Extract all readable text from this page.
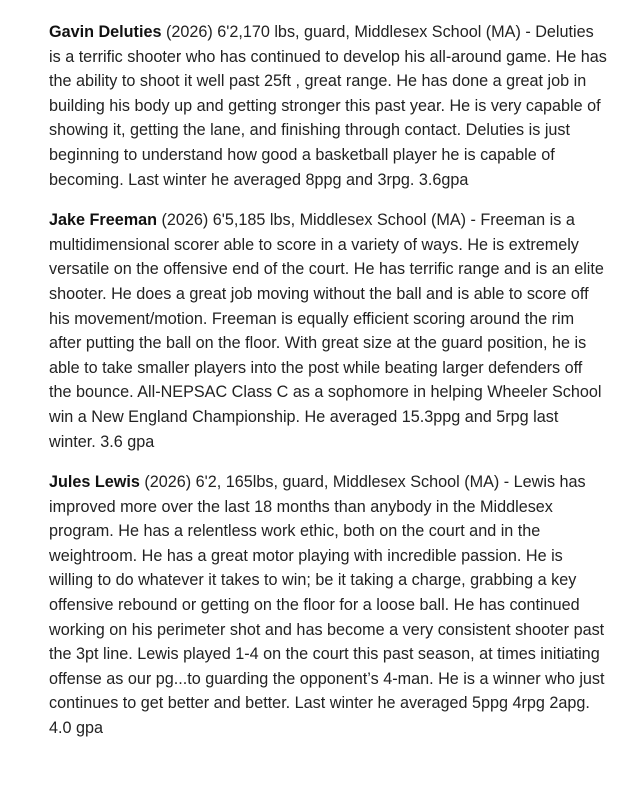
Gavin Deluties (2026) 6'2,170 lbs, guard, Middlesex School (MA) - Deluties is a terrific shooter who has continued to develop his all-around game. He has the ability to shoot it well past 25ft , great range. He has done a great job in building his body up and getting stronger this past year. He is very capable of showing it, getting the lane, and finishing through contact. Deluties is just beginning to understand how good a basketball player he is capable of becoming. Last winter he averaged 8ppg and 3rpg. 3.6gpa

Jake Freeman (2026) 6'5,185 lbs, Middlesex School (MA) - Freeman is a multidimensional scorer able to score in a variety of ways. He is extremely versatile on the offensive end of the court. He has terrific range and is an elite shooter. He does a great job moving without the ball and is able to score off his movement/motion. Freeman is equally efficient scoring around the rim after putting the ball on the floor. With great size at the guard position, he is able to take smaller players into the post while beating larger defenders off the bounce. All-NEPSAC Class C as a sophomore in helping Wheeler School win a New England Championship. He averaged 15.3ppg and 5rpg last winter. 3.6 gpa

Jules Lewis (2026) 6'2, 165lbs, guard, Middlesex School (MA) - Lewis has improved more over the last 18 months than anybody in the Middlesex program. He has a relentless work ethic, both on the court and in the weightroom. He has a great motor playing with incredible passion. He is willing to do whatever it takes to win; be it taking a charge, grabbing a key offensive rebound or getting on the floor for a loose ball. He has continued working on his perimeter shot and has become a very consistent shooter past the 3pt line. Lewis played 1-4 on the court this past season, at times initiating offense as our pg...to guarding the opponent’s 4-man. He is a winner who just continues to get better and better. Last winter he averaged 5ppg 4rpg 2apg. 4.0 gpa
